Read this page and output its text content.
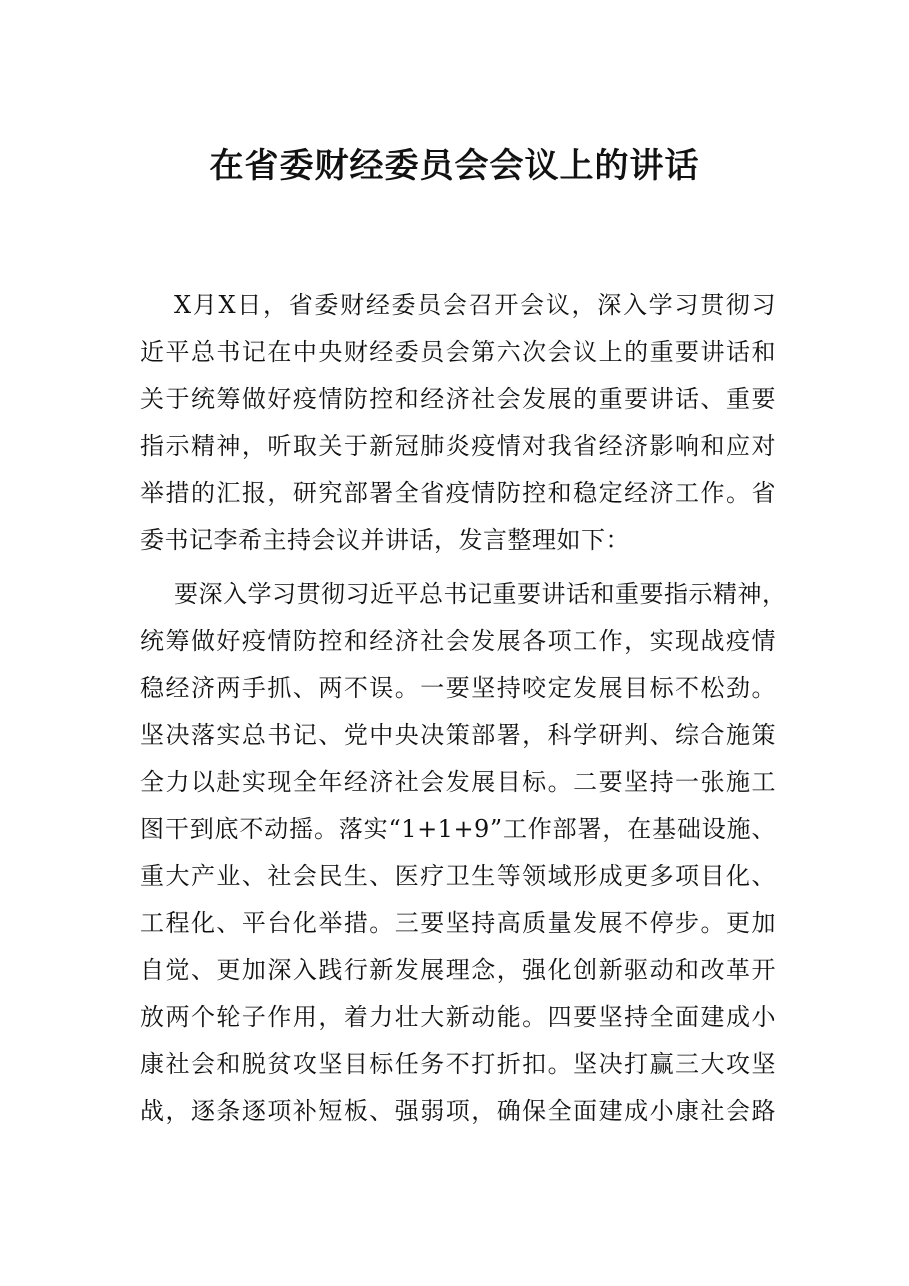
在省委财经委员会会议上的讲话
X月X日，省委财经委员会召开会议，深入学习贯彻习
近平总书记在中央财经委员会第六次会议上的重要讲话和
关于统筹做好疫情防控和经济社会发展的重要讲话、重要
指示精神，听取关于新冠肺炎疫情对我省经济影响和应对
举措的汇报，研究部署全省疫情防控和稳定经济工作。省
委书记李希主持会议并讲话，发言整理如下：
要深入学习贯彻习近平总书记重要讲话和重要指示精神，
统筹做好疫情防控和经济社会发展各项工作，实现战疫情
稳经济两手抓、两不误。一要坚持咬定发展目标不松劲。
坚决落实总书记、党中央决策部署，科学研判、综合施策
全力以赴实现全年经济社会发展目标。二要坚持一张施工
图干到底不动摇。落实“1+1+9”工作部署，在基础设施、
重大产业、社会民生、医疗卫生等领域形成更多项目化、
工程化、平台化举措。三要坚持高质量发展不停步。更加
自觉、更加深入践行新发展理念，强化创新驱动和改革开
放两个轮子作用，着力壮大新动能。四要坚持全面建成小
康社会和脱贫攻坚目标任务不打折扣。坚决打赢三大攻坚
战，逐条逐项补短板、强弱项，确保全面建成小康社会路
